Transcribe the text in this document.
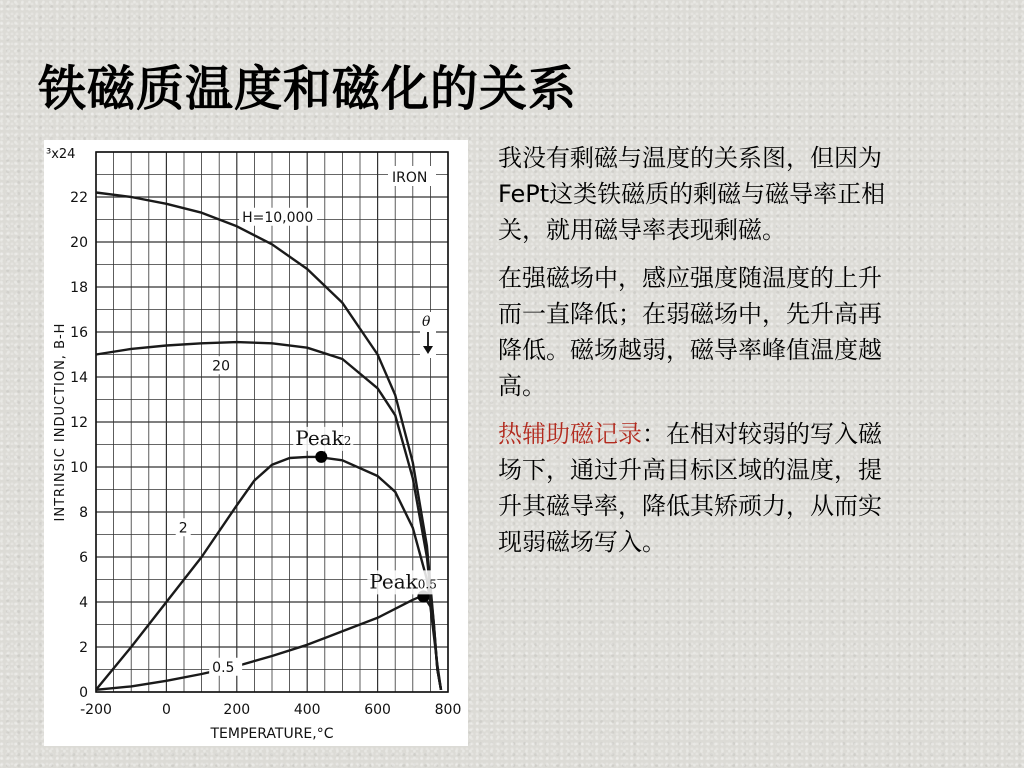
铁磁质温度和磁化的关系
H=10,000
20
2
0.5
IRON
θ
Peak2
Peak0.5
0
2
4
6
8
10
12
14
16
18
20
22
³x24
-200	0	200	400	600	800
TEMPERATURE,°C
INTRINSIC INDUCTION, B-H

我没有剩磁与温度的关系图，但因为FePt这类铁磁质的剩磁与磁导率正相关，就用磁导率表现剩磁。

在强磁场中，感应强度随温度的上升而一直降低；在弱磁场中，先升高再降低。磁场越弱，磁导率峰值温度越高。

热辅助磁记录：在相对较弱的写入磁场下，通过升高目标区域的温度，提升其磁导率，降低其矫顽力，从而实现弱磁场写入。
